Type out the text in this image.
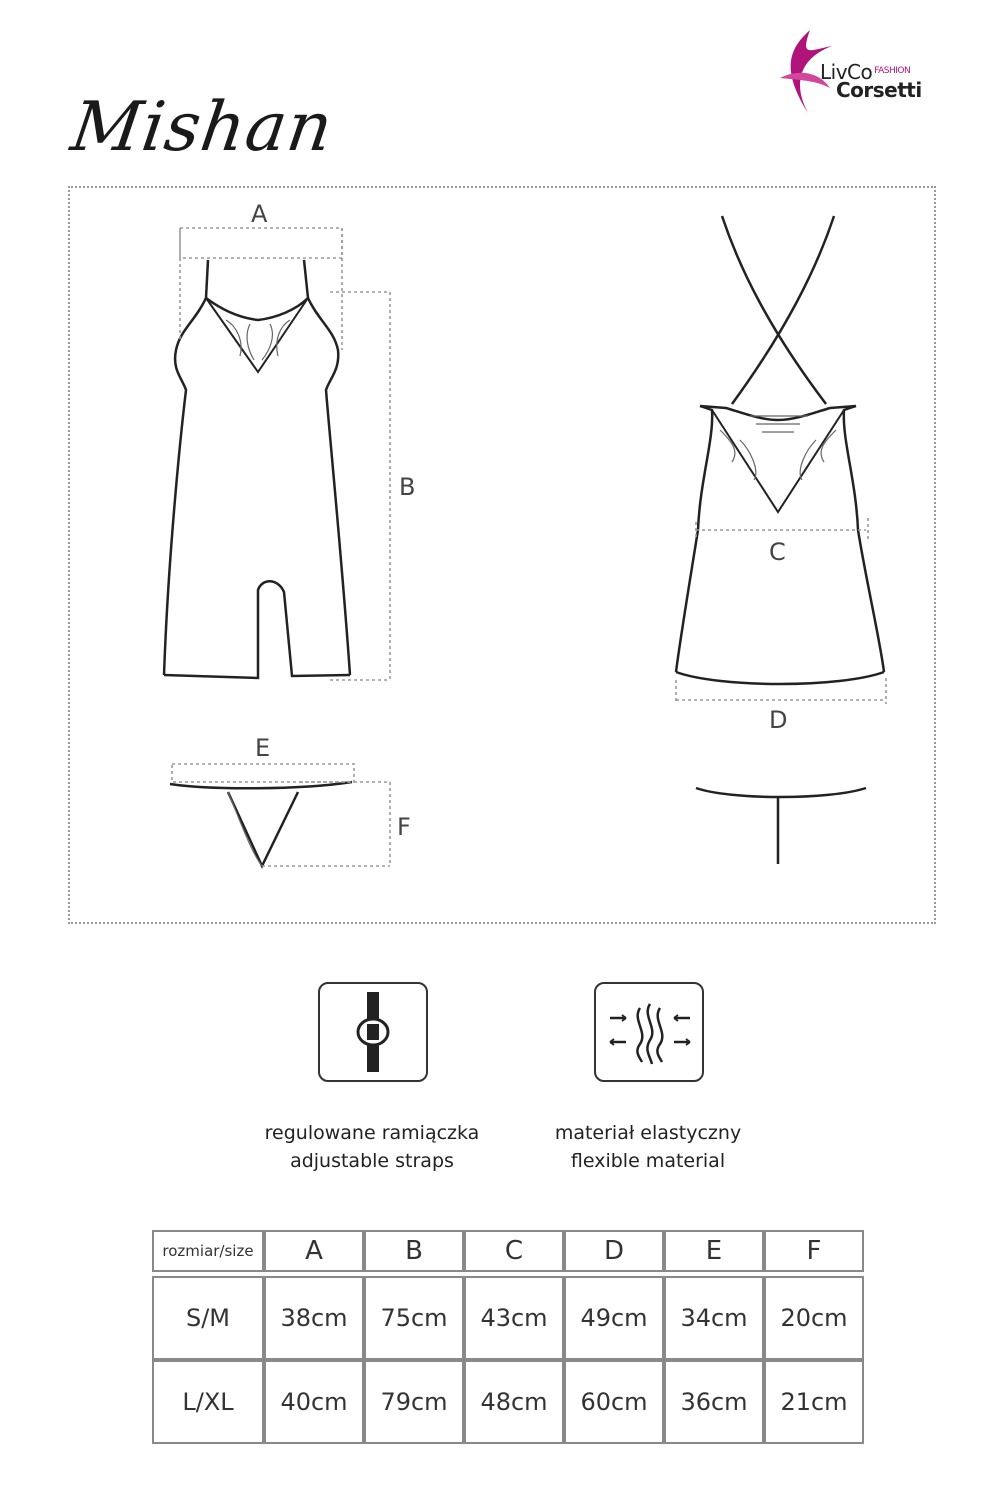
LivCo $^{FASHION}$
Corsetti
Mishan
A
B
C
D
E
F
regulowane ramiączka
adjustable straps
materiał elastyczny
flexible material
rozmiar/size	A	B	C	D	E	F

S/M	38cm	75cm	43cm	49cm	34cm	20cm
L/XL	40cm	79cm	48cm	60cm	36cm	21cm
